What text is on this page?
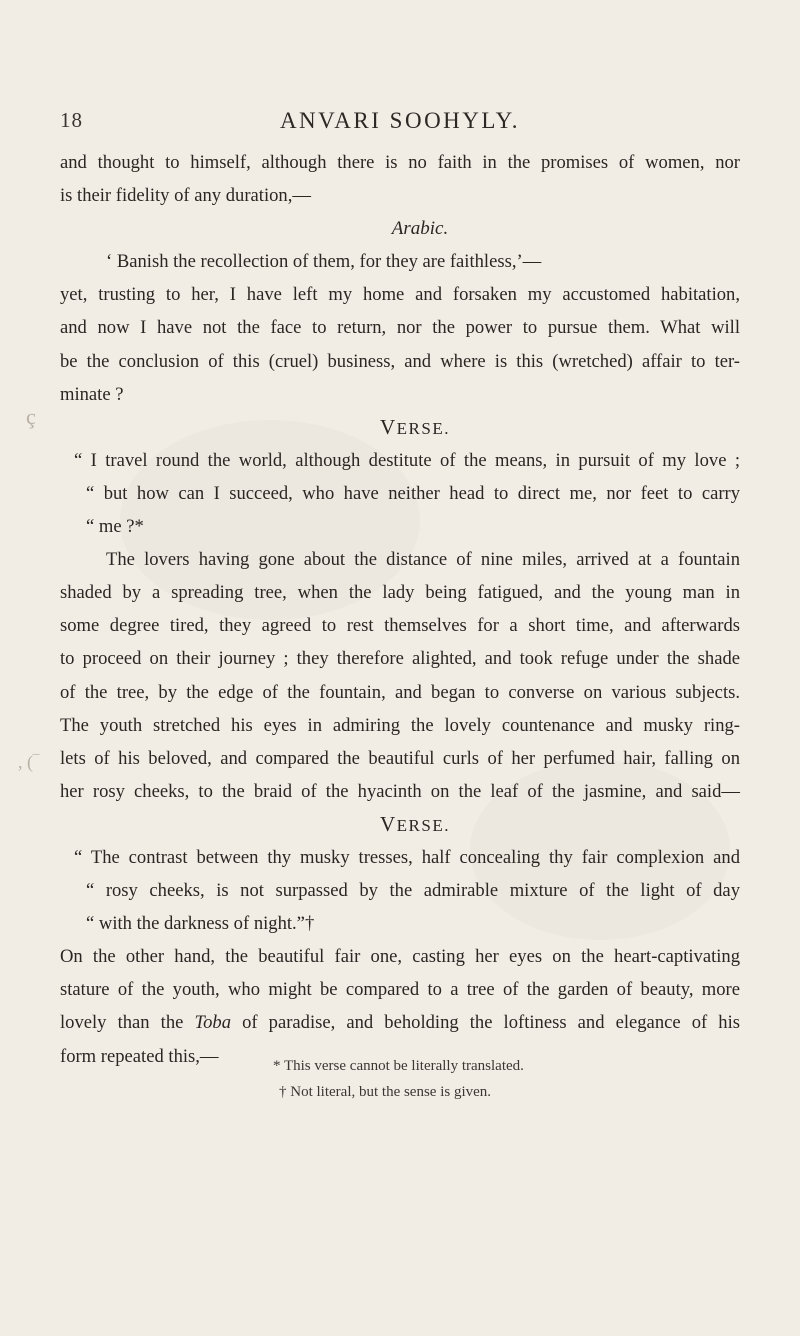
18	ANVARI SOOHYLY.
ç
, (‾
and thought to himself, although there is no faith in the promises of women, nor
is their fidelity of any duration,—
Arabic.
‘ Banish the recollection of them, for they are faithless,’—
yet, trusting to her, I have left my home and forsaken my accustomed habitation,
and now I have not the face to return, nor the power to pursue them. What will
be the conclusion of this (cruel) business, and where is this (wretched) affair to ter-
minate ?
VERSE.
“ I travel round the world, although destitute of the means, in pursuit of my love ;
“ but how can I succeed, who have neither head to direct me, nor feet to carry
“ me ?*
The lovers having gone about the distance of nine miles, arrived at a fountain
shaded by a spreading tree, when the lady being fatigued, and the young man in
some degree tired, they agreed to rest themselves for a short time, and afterwards
to proceed on their journey ; they therefore alighted, and took refuge under the shade
of the tree, by the edge of the fountain, and began to converse on various subjects.
The youth stretched his eyes in admiring the lovely countenance and musky ring-
lets of his beloved, and compared the beautiful curls of her perfumed hair, falling on
her rosy cheeks, to the braid of the hyacinth on the leaf of the jasmine, and said—
VERSE.
“ The contrast between thy musky tresses, half concealing thy fair complexion and
“ rosy cheeks, is not surpassed by the admirable mixture of the light of day
“ with the darkness of night.”†
On the other hand, the beautiful fair one, casting her eyes on the heart-captivating
stature of the youth, who might be compared to a tree of the garden of beauty, more
lovely than the Toba of paradise, and beholding the loftiness and elegance of his
form repeated this,—	* This verse cannot be literally translated.
† Not literal, but the sense is given.
